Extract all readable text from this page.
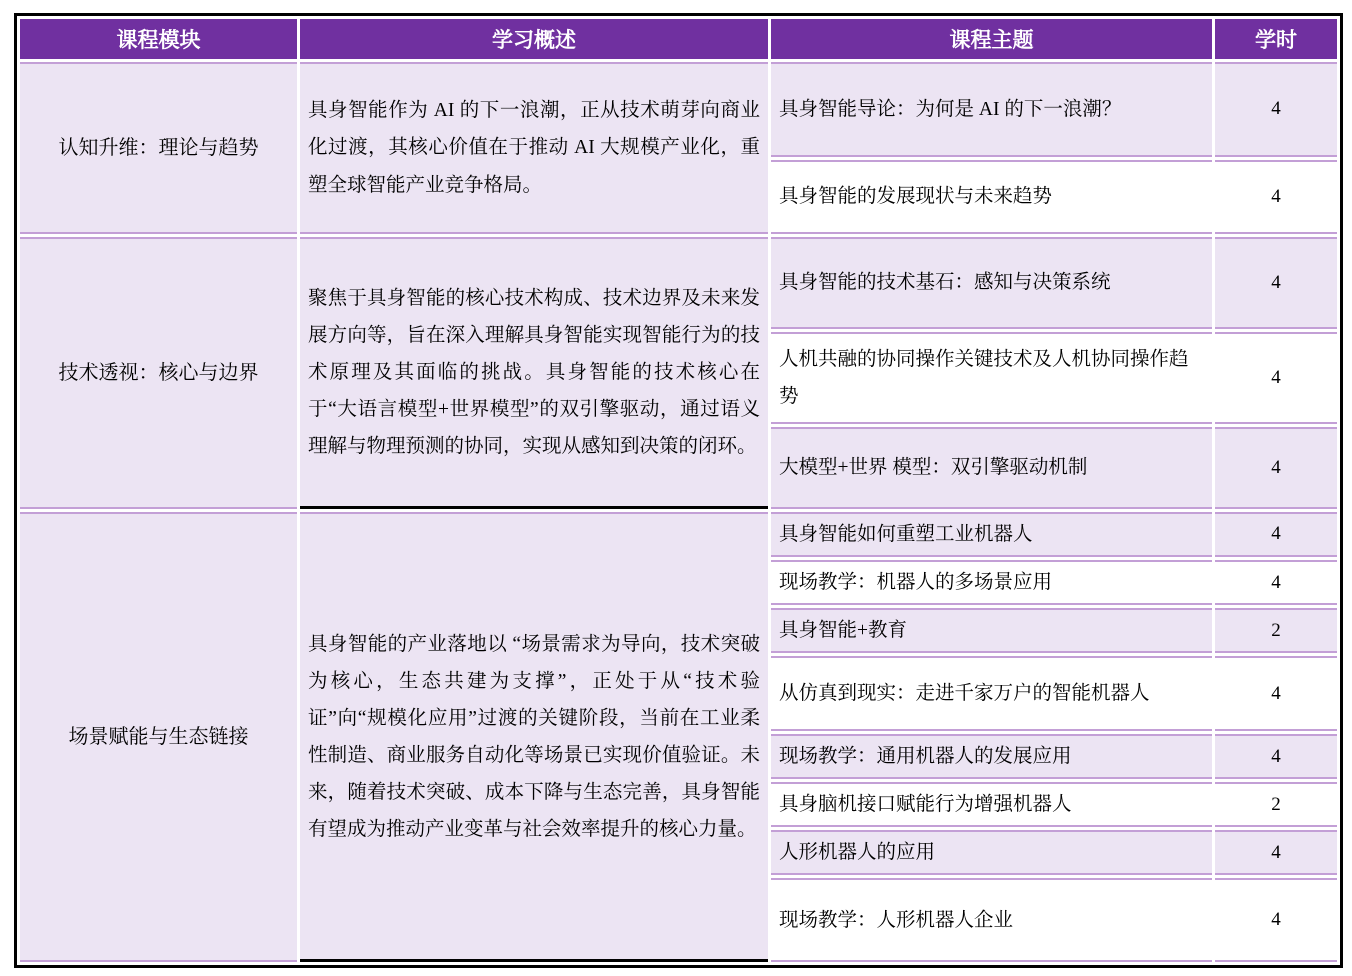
课程模块	学习概述	课程主题	学时
认知升维：理论与趋势	具身智能作为 AI 的下一浪潮，正从技术萌芽向商业化过渡，其核心价值在于推动 AI 大规模产业化，重塑全球智能产业竞争格局。	具身智能导论：为何是 AI 的下一浪潮？	4
		具身智能的发展现状与未来趋势	4
技术透视：核心与边界	聚焦于具身智能的核心技术构成、技术边界及未来发展方向等，旨在深入理解具身智能实现智能行为的技术原理及其面临的挑战。具身智能的技术核心在于“大语言模型+世界模型”的双引擎驱动，通过语义理解与物理预测的协同，实现从感知到决策的闭环。	具身智能的技术基石：感知与决策系统	4
		人机共融的协同操作关键技术及人机协同操作趋势	4
		大模型+世界 模型：双引擎驱动机制	4
场景赋能与生态链接	具身智能的产业落地以 “场景需求为导向，技术突破为核心，生态共建为支撑”，正处于从“技术验证”向“规模化应用”过渡的关键阶段，当前在工业柔性制造、商业服务自动化等场景已实现价值验证。未来，随着技术突破、成本下降与生态完善，具身智能有望成为推动产业变革与社会效率提升的核心力量。	具身智能如何重塑工业机器人	4
		现场教学：机器人的多场景应用	4
		具身智能+教育	2
		从仿真到现实：走进千家万户的智能机器人	4
		现场教学：通用机器人的发展应用	4
		具身脑机接口赋能行为增强机器人	2
		人形机器人的应用	4
		现场教学：人形机器人企业	4
